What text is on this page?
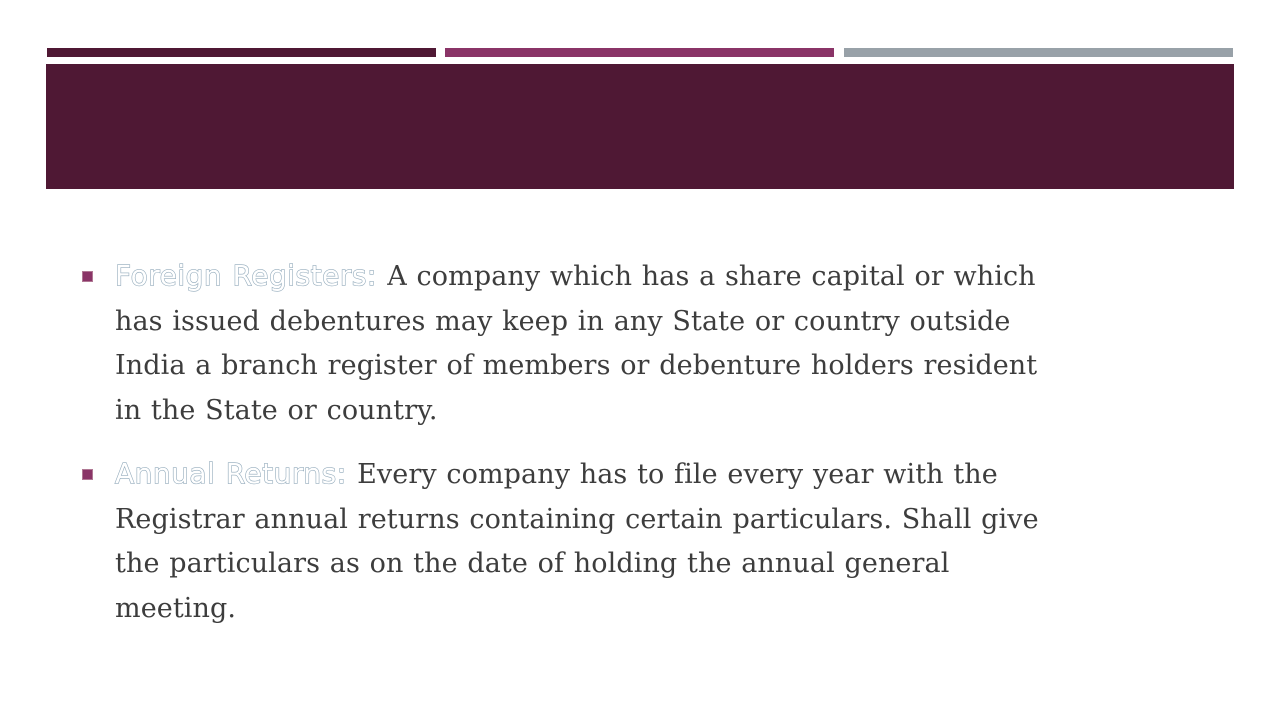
Foreign Registers: A company which has a share capital or which has issued debentures may keep in any State or country outside India a branch register of members or debenture holders resident in the State or country.
Annual Returns: Every company has to file every year with the Registrar annual returns containing certain particulars. Shall give the particulars as on the date of holding the annual general meeting.
